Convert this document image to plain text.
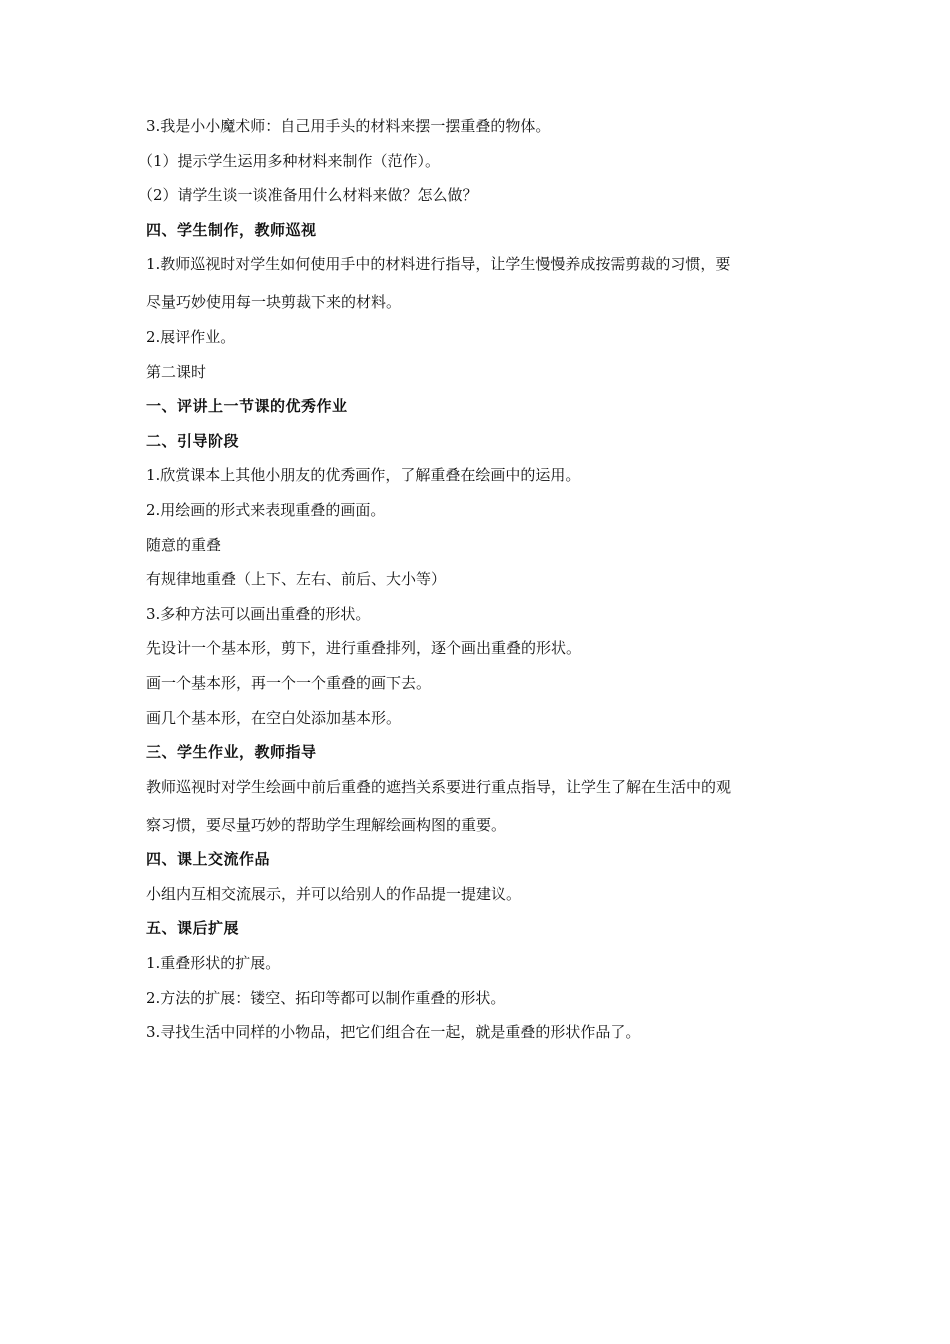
3.我是小小魔术师：自己用手头的材料来摆一摆重叠的物体。
（1）提示学生运用多种材料来制作（范作）。
（2）请学生谈一谈准备用什么材料来做？怎么做？
四、学生制作，教师巡视
1.教师巡视时对学生如何使用手中的材料进行指导，让学生慢慢养成按需剪裁的习惯，要
尽量巧妙使用每一块剪裁下来的材料。
2.展评作业。
第二课时
一、评讲上一节课的优秀作业
二、引导阶段
1.欣赏课本上其他小朋友的优秀画作，了解重叠在绘画中的运用。
2.用绘画的形式来表现重叠的画面。
随意的重叠
有规律地重叠（上下、左右、前后、大小等）
3.多种方法可以画出重叠的形状。
先设计一个基本形，剪下，进行重叠排列，逐个画出重叠的形状。
画一个基本形，再一个一个重叠的画下去。
画几个基本形，在空白处添加基本形。
三、学生作业，教师指导
教师巡视时对学生绘画中前后重叠的遮挡关系要进行重点指导，让学生了解在生活中的观
察习惯，要尽量巧妙的帮助学生理解绘画构图的重要。
四、课上交流作品
小组内互相交流展示，并可以给别人的作品提一提建议。
五、课后扩展
1.重叠形状的扩展。
2.方法的扩展：镂空、拓印等都可以制作重叠的形状。
3.寻找生活中同样的小物品，把它们组合在一起，就是重叠的形状作品了。
